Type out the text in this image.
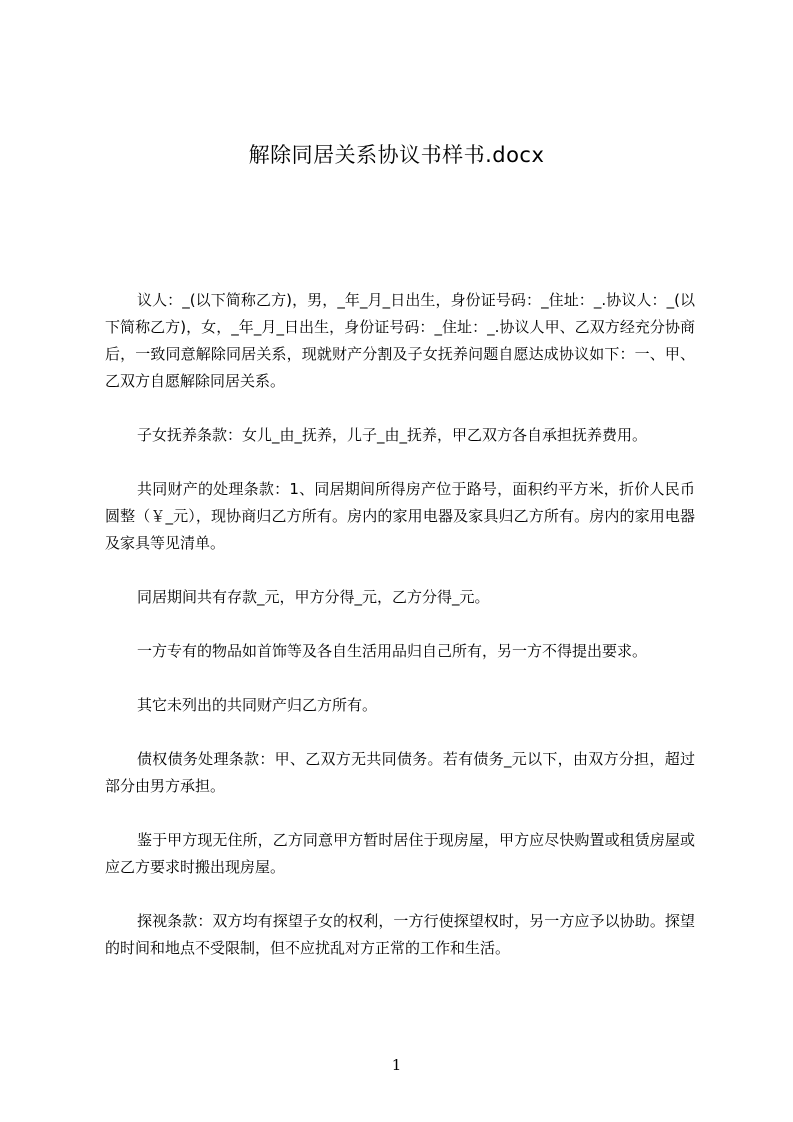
解除同居关系协议书样书.docx

议人：_(以下简称乙方)，男，_年_月_日出生，身份证号码：_住址：_.协议人：_(以下简称乙方)，女，_年_月_日出生，身份证号码：_住址：_.协议人甲、乙双方经充分协商后，一致同意解除同居关系，现就财产分割及子女抚养问题自愿达成协议如下：一、甲、乙双方自愿解除同居关系。

子女抚养条款：女儿_由_抚养，儿子_由_抚养，甲乙双方各自承担抚养费用。

共同财产的处理条款：1、同居期间所得房产位于路号，面积约平方米，折价人民币圆整（￥_元），现协商归乙方所有。房内的家用电器及家具归乙方所有。房内的家用电器及家具等见清单。

同居期间共有存款_元，甲方分得_元，乙方分得_元。

一方专有的物品如首饰等及各自生活用品归自己所有，另一方不得提出要求。

其它未列出的共同财产归乙方所有。

债权债务处理条款：甲、乙双方无共同债务。若有债务_元以下，由双方分担，超过部分由男方承担。

鉴于甲方现无住所，乙方同意甲方暂时居住于现房屋，甲方应尽快购置或租赁房屋或应乙方要求时搬出现房屋。

探视条款：双方均有探望子女的权利，一方行使探望权时，另一方应予以协助。探望的时间和地点不受限制，但不应扰乱对方正常的工作和生活。

1
